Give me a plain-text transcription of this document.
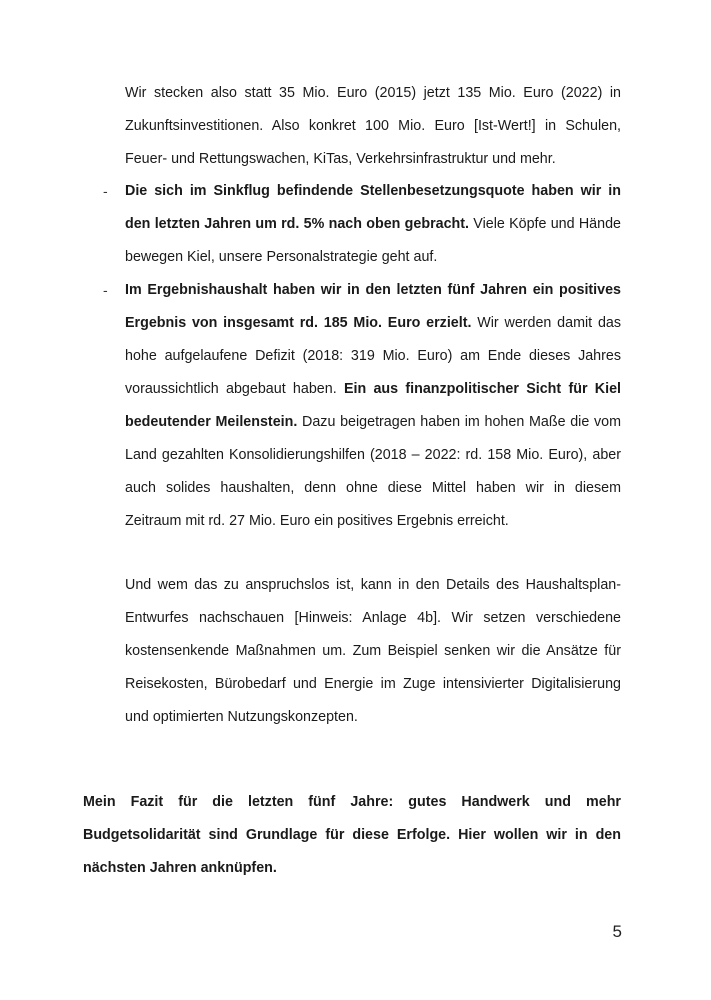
Wir stecken also statt 35 Mio. Euro (2015) jetzt 135 Mio. Euro (2022) in Zukunftsinvestitionen. Also konkret 100 Mio. Euro [Ist-Wert!] in Schulen, Feuer- und Rettungswachen, KiTas, Verkehrsinfrastruktur und mehr.

-	Die sich im Sinkflug befindende Stellenbesetzungsquote haben wir in den letzten Jahren um rd. 5% nach oben gebracht. Viele Köpfe und Hände bewegen Kiel, unsere Personalstrategie geht auf.

-	Im Ergebnishaushalt haben wir in den letzten fünf Jahren ein positives Ergebnis von insgesamt rd. 185 Mio. Euro erzielt. Wir werden damit das hohe aufgelaufene Defizit (2018: 319 Mio. Euro) am Ende dieses Jahres voraussichtlich abgebaut haben. Ein aus finanzpolitischer Sicht für Kiel bedeutender Meilenstein. Dazu beigetragen haben im hohen Maße die vom Land gezahlten Konsolidierungshilfen (2018 – 2022: rd. 158 Mio. Euro), aber auch solides haushalten, denn ohne diese Mittel haben wir in diesem Zeitraum mit rd. 27 Mio. Euro ein positives Ergebnis erreicht.

Und wem das zu anspruchslos ist, kann in den Details des Haushaltsplan-Entwurfes nachschauen [Hinweis: Anlage 4b]. Wir setzen verschiedene kostensenkende Maßnahmen um. Zum Beispiel senken wir die Ansätze für Reisekosten, Bürobedarf und Energie im Zuge intensivierter Digitalisierung und optimierten Nutzungskonzepten.

Mein Fazit für die letzten fünf Jahre: gutes Handwerk und mehr Budgetsolidarität sind Grundlage für diese Erfolge. Hier wollen wir in den nächsten Jahren anknüpfen.

5
